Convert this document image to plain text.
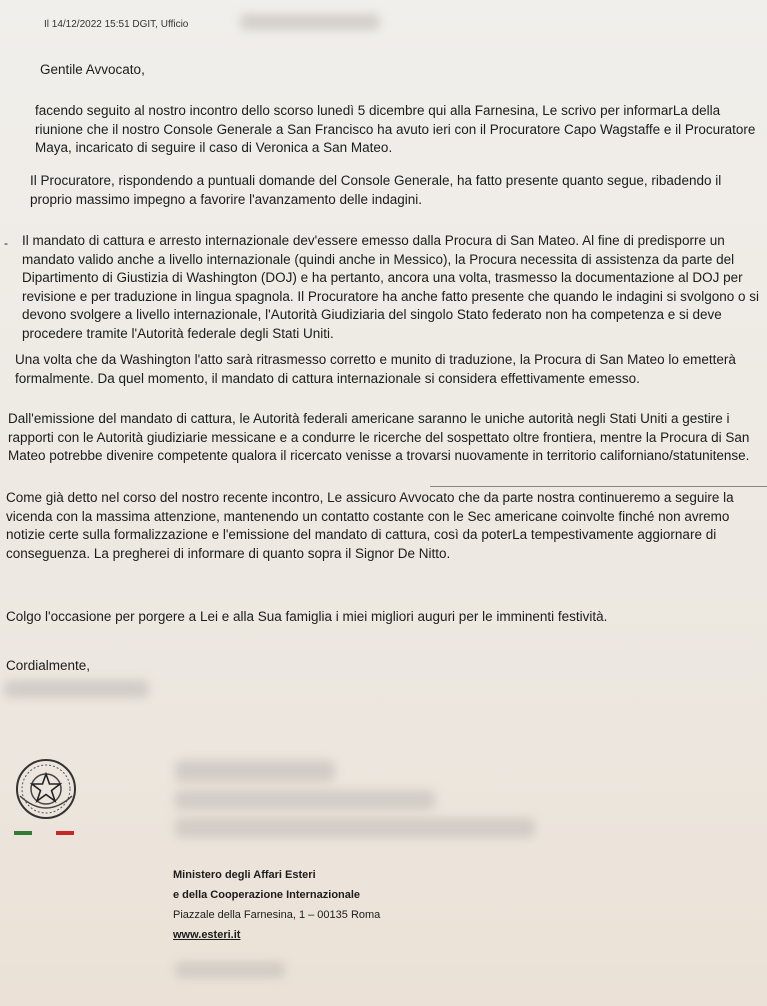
Il 14/12/2022 15:51 DGIT, Ufficio
Gentile Avvocato,

facendo seguito al nostro incontro dello scorso lunedì 5 dicembre qui alla Farnesina, Le scrivo per informarLa della riunione che il nostro Console Generale a San Francisco ha avuto ieri con il Procuratore Capo Wagstaffe e il Procuratore Maya, incaricato di seguire il caso di Veronica a San Mateo.

Il Procuratore, rispondendo a puntuali domande del Console Generale, ha fatto presente quanto segue, ribadendo il proprio massimo impegno a favorire l'avanzamento delle indagini.

- Il mandato di cattura e arresto internazionale dev'essere emesso dalla Procura di San Mateo. Al fine di predisporre un mandato valido anche a livello internazionale (quindi anche in Messico), la Procura necessita di assistenza da parte del Dipartimento di Giustizia di Washington (DOJ) e ha pertanto, ancora una volta, trasmesso la documentazione al DOJ per revisione e per traduzione in lingua spagnola. Il Procuratore ha anche fatto presente che quando le indagini si svolgono o si devono svolgere a livello internazionale, l'Autorità Giudiziaria del singolo Stato federato non ha competenza e si deve procedere tramite l'Autorità federale degli Stati Uniti.

Una volta che da Washington l'atto sarà ritrasmesso corretto e munito di traduzione, la Procura di San Mateo lo emetterà formalmente. Da quel momento, il mandato di cattura internazionale si considera effettivamente emesso.

Dall'emissione del mandato di cattura, le Autorità federali americane saranno le uniche autorità negli Stati Uniti a gestire i rapporti con le Autorità giudiziarie messicane e a condurre le ricerche del sospettato oltre frontiera, mentre la Procura di San Mateo potrebbe divenire competente qualora il ricercato venisse a trovarsi nuovamente in territorio californiano/statunitense.

Come già detto nel corso del nostro recente incontro, Le assicuro Avvocato che da parte nostra continueremo a seguire la vicenda con la massima attenzione, mantenendo un contatto costante con le Sec americane coinvolte finché non avremo notizie certe sulla formalizzazione e l'emissione del mandato di cattura, così da poterLa tempestivamente aggiornare di conseguenza. La pregherei di informare di quanto sopra il Signor De Nitto.

Colgo l'occasione per porgere a Lei e alla Sua famiglia i miei migliori auguri per le imminenti festività.

Cordialmente,
Ministero degli Affari Esteri
e della Cooperazione Internazionale
Piazzale della Farnesina, 1 – 00135 Roma
www.esteri.it
